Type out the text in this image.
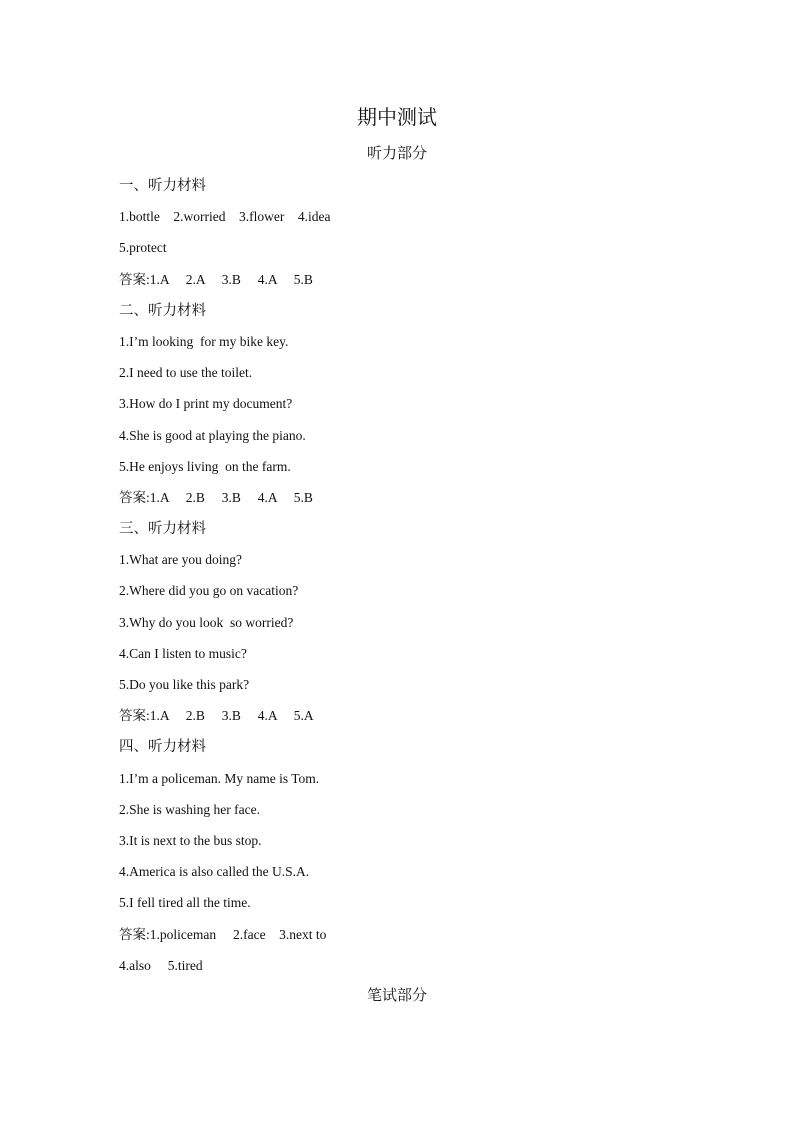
期中测试
听力部分
一、听力材料
1.bottle    2.worried    3.flower    4.idea
5.protect
答案:1.A     2.A     3.B     4.A     5.B
二、听力材料
1.I’m looking  for my bike key.
2.I need to use the toilet.
3.How do I print my document?
4.She is good at playing the piano.
5.He enjoys living  on the farm.
答案:1.A     2.B     3.B     4.A     5.B
三、听力材料
1.What are you doing?
2.Where did you go on vacation?
3.Why do you look  so worried?
4.Can I listen to music?
5.Do you like this park?
答案:1.A     2.B     3.B     4.A     5.A
四、听力材料
1.I’m a policeman. My name is Tom.
2.She is washing her face.
3.It is next to the bus stop.
4.America is also called the U.S.A.
5.I fell tired all the time.
答案:1.policeman     2.face    3.next to
4.also     5.tired
笔试部分
